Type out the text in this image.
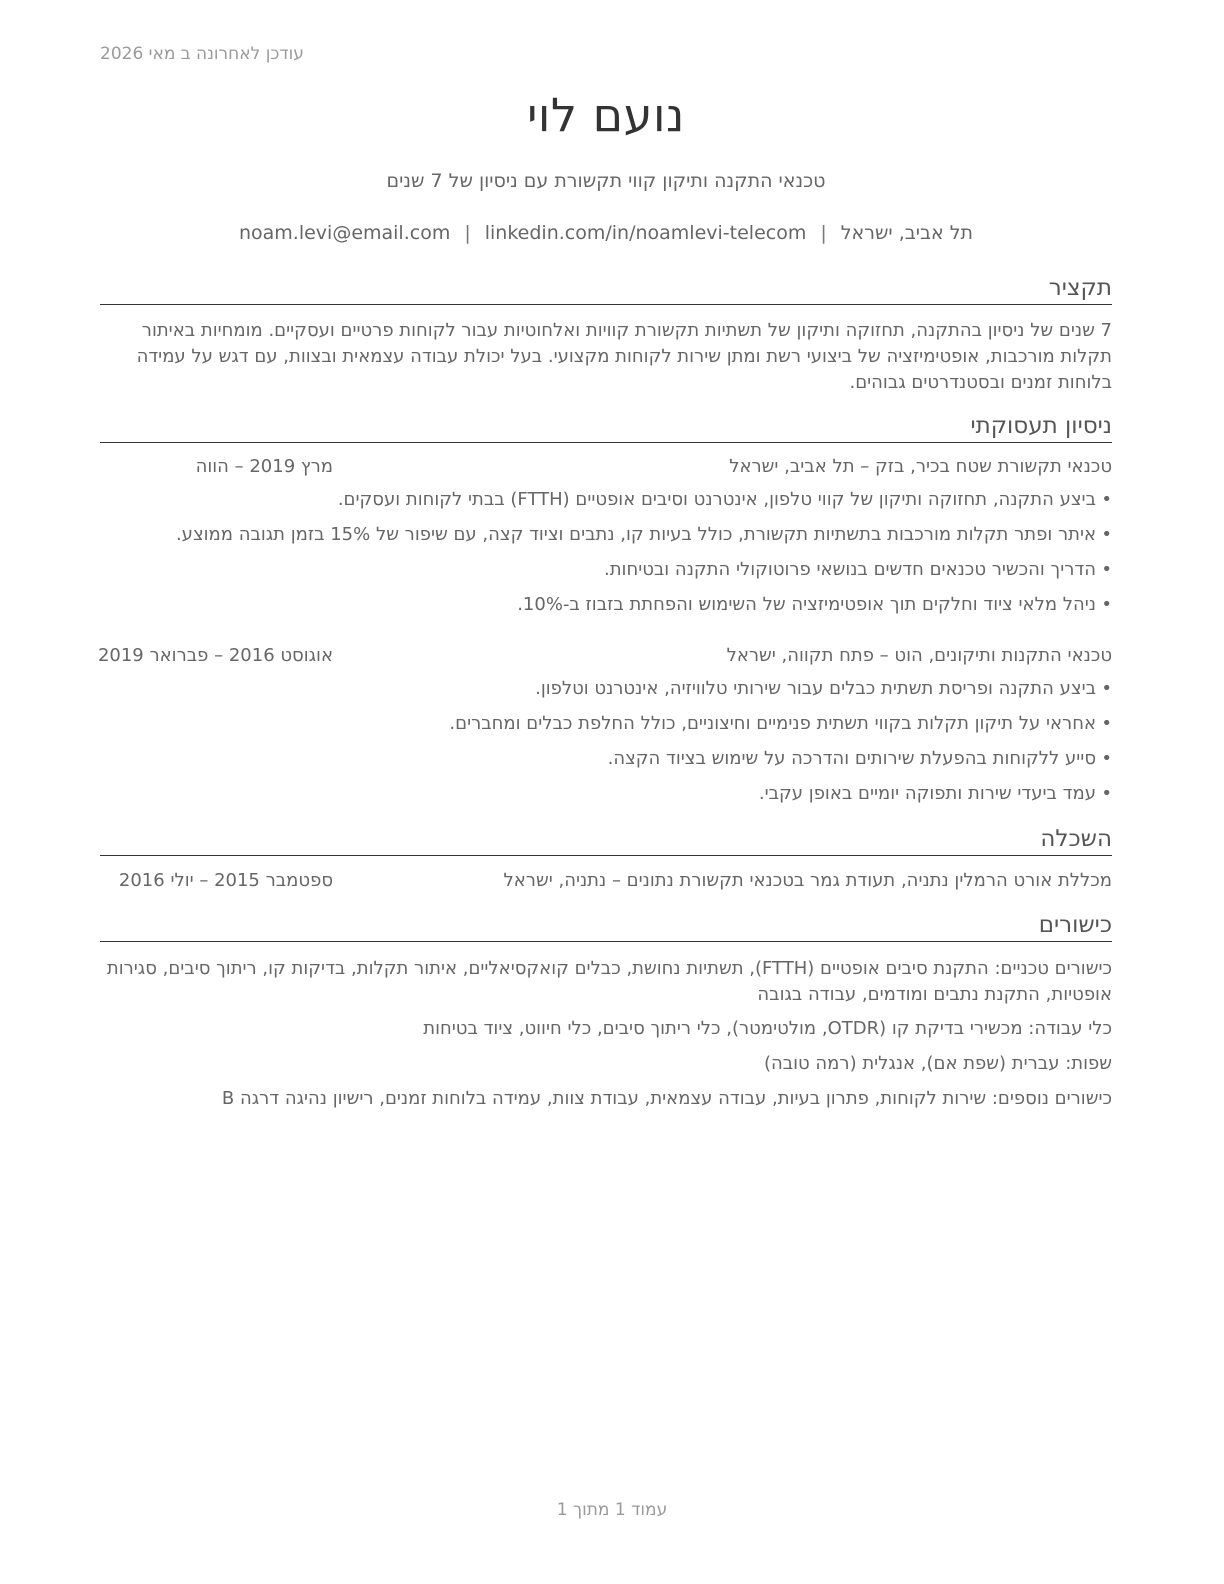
עודכן לאחרונה ב מאי 2026
נועם לוי
טכנאי התקנה ותיקון קווי תקשורת עם ניסיון של 7 שנים
תל אביב, ישראל|noam.levi@email.com | linkedin.com/in/noamlevi-telecom
תקציר
7 שנים של ניסיון בהתקנה, תחזוקה ותיקון של תשתיות תקשורת קוויות ואלחוטיות עבור לקוחות פרטיים ועסקיים. מומחיות באיתור תקלות מורכבות, אופטימיזציה של ביצועי רשת ומתן שירות לקוחות מקצועי. בעל יכולת עבודה עצמאית ובצוות, עם דגש על עמידה בלוחות זמנים ובסטנדרטים גבוהים.
ניסיון תעסוקתי
טכנאי תקשורת שטח בכיר, בזק – תל אביב, ישראל
מרץ 2019 – הווה
•
ביצע התקנה, תחזוקה ותיקון של קווי טלפון, אינטרנט וסיבים אופטיים (FTTH) בבתי לקוחות ועסקים.
•
איתר ופתר תקלות מורכבות בתשתיות תקשורת, כולל בעיות קו, נתבים וציוד קצה, עם שיפור של 15% בזמן תגובה ממוצע.
•
הדריך והכשיר טכנאים חדשים בנושאי פרוטוקולי התקנה ובטיחות.
•
ניהל מלאי ציוד וחלקים תוך אופטימיזציה של השימוש והפחתת בזבוז ב-10%.
טכנאי התקנות ותיקונים, הוט – פתח תקווה, ישראל
אוגוסט 2016 – פברואר 2019
•
ביצע התקנה ופריסת תשתית כבלים עבור שירותי טלוויזיה, אינטרנט וטלפון.
•
אחראי על תיקון תקלות בקווי תשתית פנימיים וחיצוניים, כולל החלפת כבלים ומחברים.
•
סייע ללקוחות בהפעלת שירותים והדרכה על שימוש בציוד הקצה.
•
עמד ביעדי שירות ותפוקה יומיים באופן עקבי.
השכלה
מכללת אורט הרמלין נתניה, תעודת גמר בטכנאי תקשורת נתונים – נתניה, ישראל
ספטמבר 2015 – יולי 2016
כישורים
כישורים טכניים: התקנת סיבים אופטיים (FTTH), תשתיות נחושת, כבלים קואקסיאליים, איתור תקלות, בדיקות קו, ריתוך סיבים, סגירות אופטיות, התקנת נתבים ומודמים, עבודה בגובה
כלי עבודה: מכשירי בדיקת קו (OTDR, מולטימטר), כלי ריתוך סיבים, כלי חיווט, ציוד בטיחות
שפות: עברית (שפת אם), אנגלית (רמה טובה)
כישורים נוספים: שירות לקוחות, פתרון בעיות, עבודה עצמאית, עבודת צוות, עמידה בלוחות זמנים, רישיון נהיגה דרגה B
עמוד 1 מתוך 1
